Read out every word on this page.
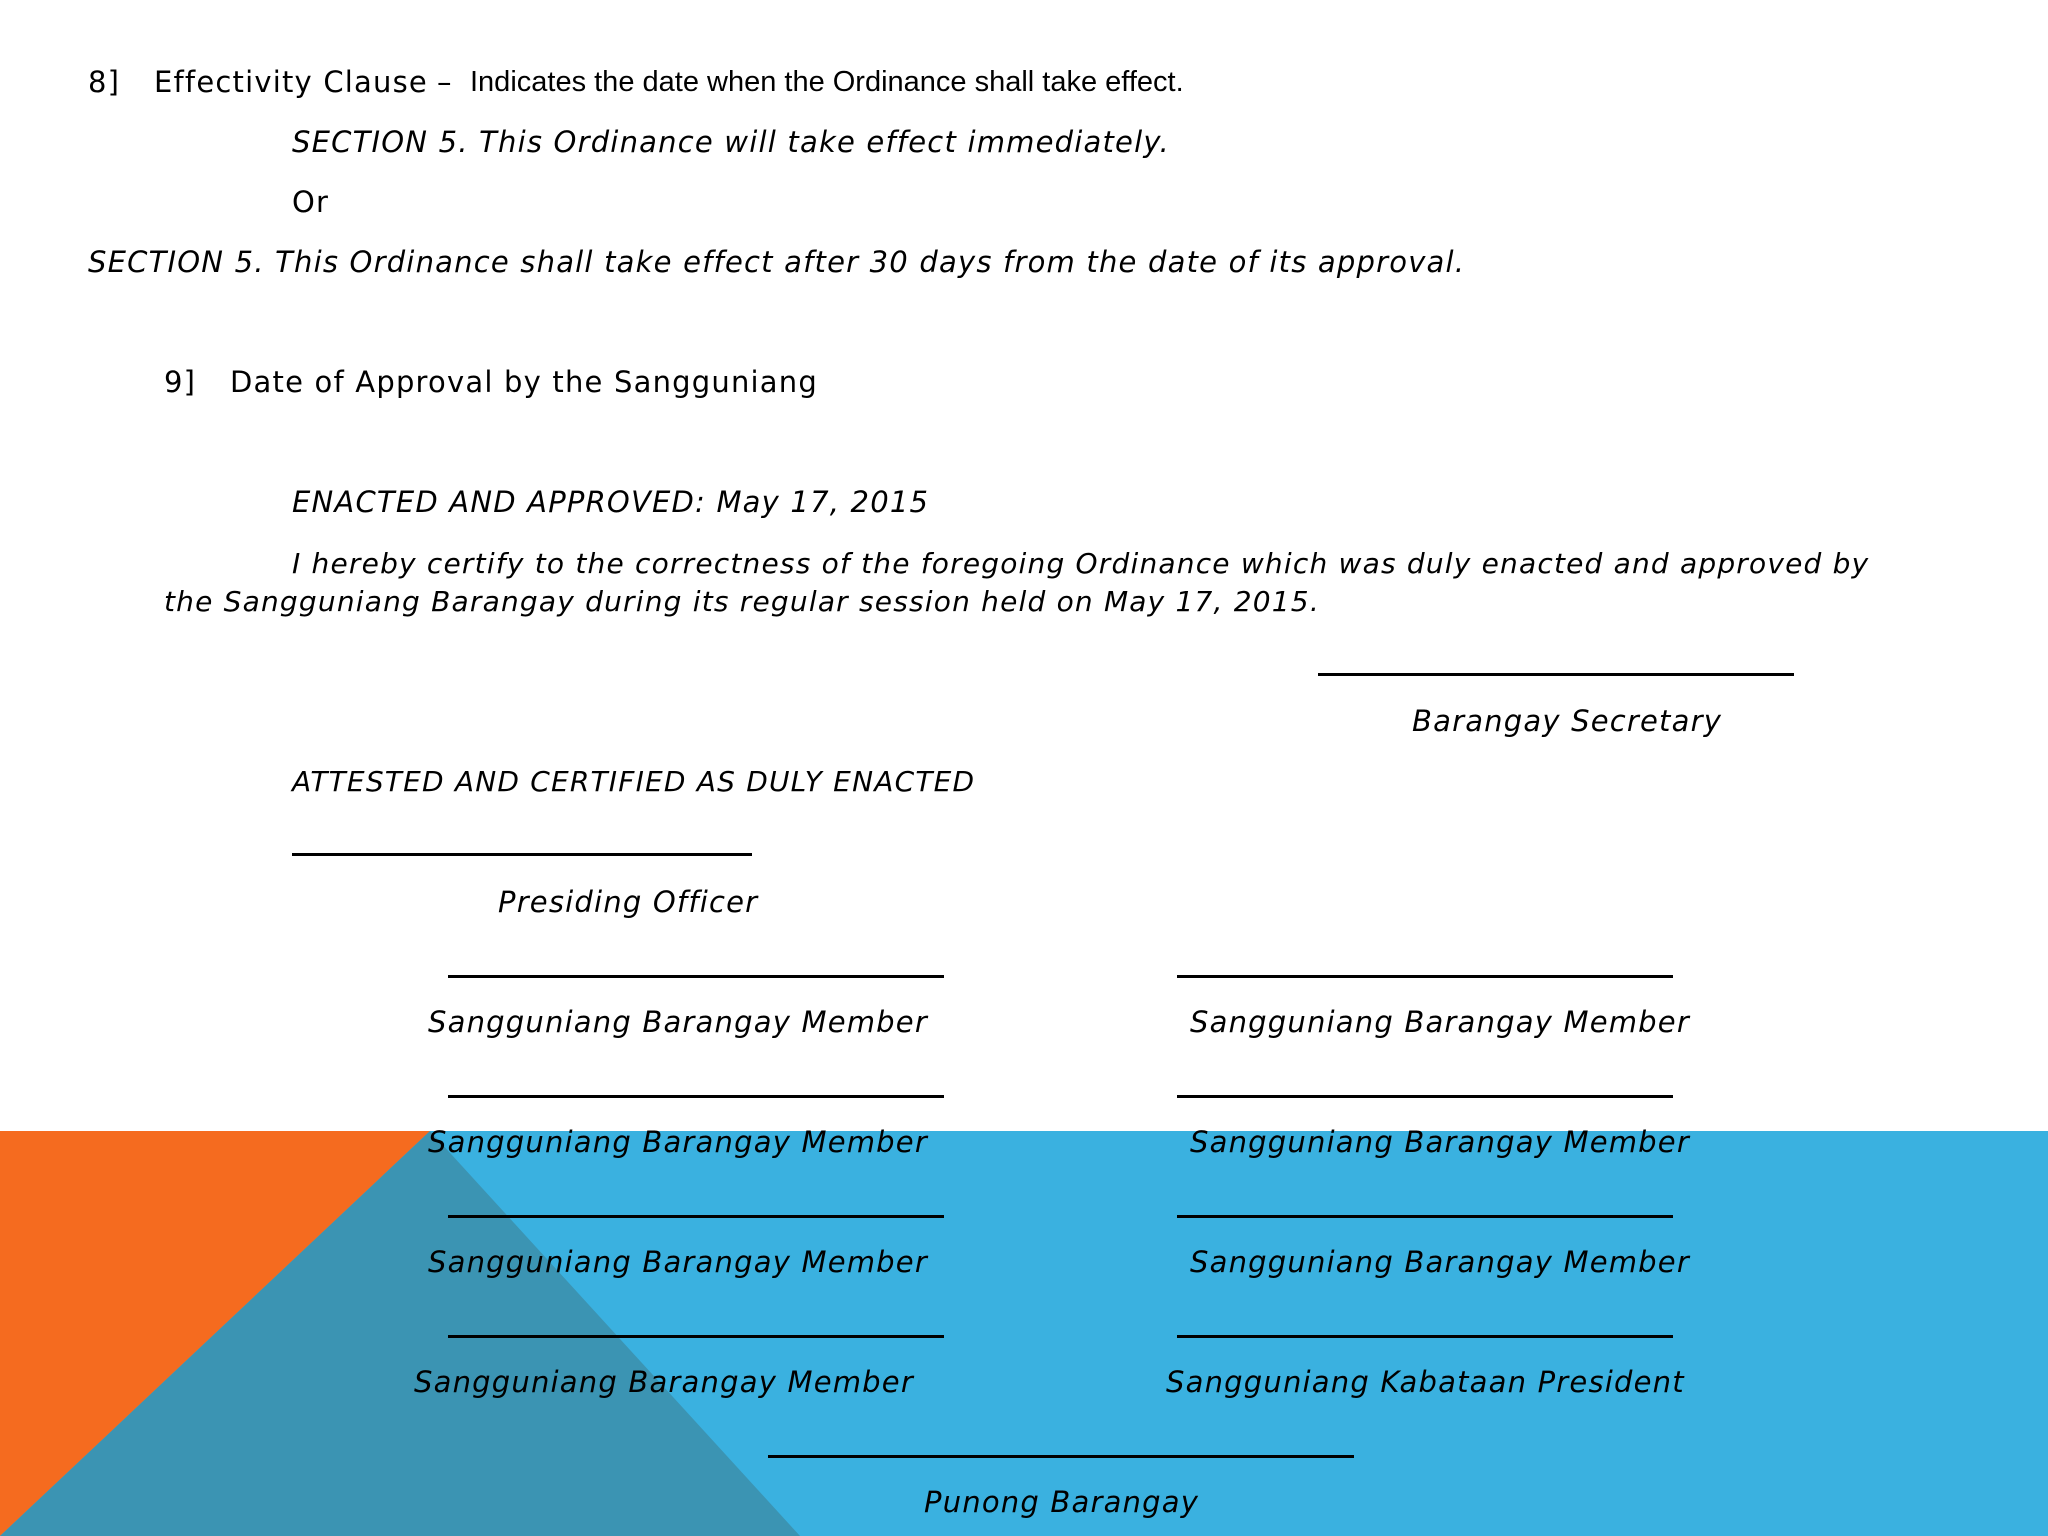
8] Effectivity Clause – Indicates the date when the Ordinance shall take effect.
SECTION 5. This Ordinance will take effect immediately.
Or
SECTION 5. This Ordinance shall take effect after 30 days from the date of its approval.
9] Date of Approval by the Sangguniang
ENACTED AND APPROVED: May 17, 2015
I hereby certify to the correctness of the foregoing Ordinance which was duly enacted and approved by
the Sangguniang Barangay during its regular session held on May 17, 2015.
Barangay Secretary
ATTESTED AND CERTIFIED AS DULY ENACTED
Presiding Officer
Sangguniang Barangay Member	Sangguniang Barangay Member
Sangguniang Barangay Member	Sangguniang Barangay Member
Sangguniang Barangay Member	Sangguniang Barangay Member
Sangguniang Barangay Member	Sangguniang Kabataan President
Punong Barangay
